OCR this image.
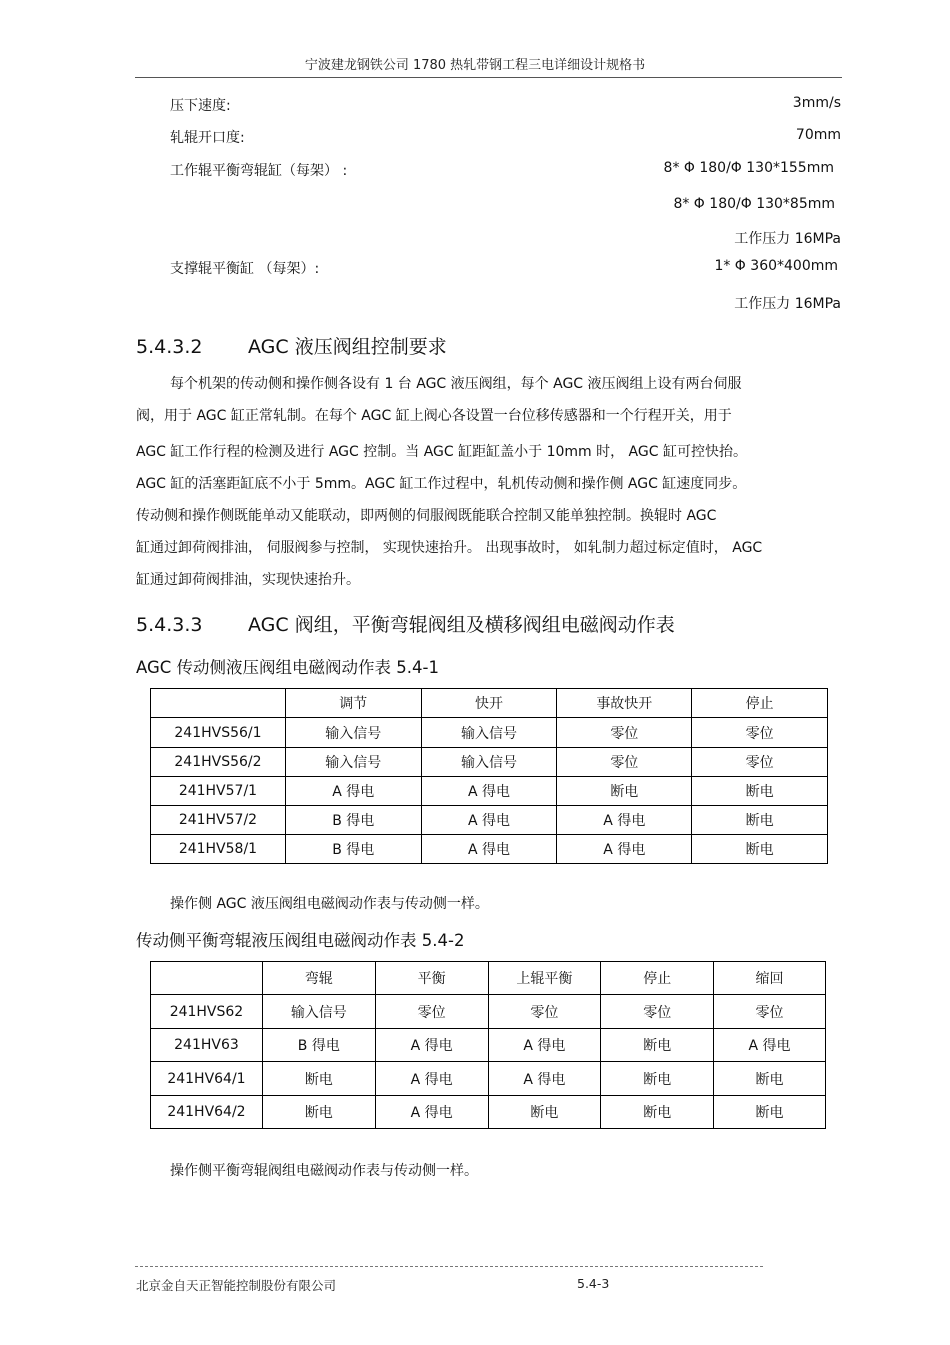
宁波建龙钢铁公司 1780 热轧带钢工程三电详细设计规格书
压下速度:	3mm/s
轧辊开口度:	70mm
工作辊平衡弯辊缸（每架） :	8* Φ 180/Φ 130*155mm
8* Φ 180/Φ 130*85mm
工作压力 16MPa
支撑辊平衡缸 （每架）:	1* Φ 360*400mm
工作压力 16MPa
5.4.3.2 AGC 液压阀组控制要求
每个机架的传动侧和操作侧各设有 1 台 AGC 液压阀组，每个 AGC 液压阀组上设有两台伺服
阀，用于 AGC 缸正常轧制。在每个 AGC 缸上阀心各设置一台位移传感器和一个行程开关，用于
AGC 缸工作行程的检测及进行 AGC 控制。当 AGC 缸距缸盖小于 10mm 时， AGC 缸可控快抬。
AGC 缸的活塞距缸底不小于 5mm。AGC 缸工作过程中，轧机传动侧和操作侧 AGC 缸速度同步。
传动侧和操作侧既能单动又能联动，即两侧的伺服阀既能联合控制又能单独控制。换辊时 AGC
缸通过卸荷阀排油， 伺服阀参与控制， 实现快速抬升。 出现事故时， 如轧制力超过标定值时， AGC
缸通过卸荷阀排油，实现快速抬升。
5.4.3.3 AGC 阀组，平衡弯辊阀组及横移阀组电磁阀动作表
AGC 传动侧液压阀组电磁阀动作表 5.4-1
	调节	快开	事故快开	停止
241HVS56/1	输入信号	输入信号	零位	零位
241HVS56/2	输入信号	输入信号	零位	零位
241HV57/1	A 得电	A 得电	断电	断电
241HV57/2	B 得电	A 得电	A 得电	断电
241HV58/1	B 得电	A 得电	A 得电	断电
操作侧 AGC 液压阀组电磁阀动作表与传动侧一样。
传动侧平衡弯辊液压阀组电磁阀动作表 5.4-2
	弯辊	平衡	上辊平衡	停止	缩回
241HVS62	输入信号	零位	零位	零位	零位
241HV63	B 得电	A 得电	A 得电	断电	A 得电
241HV64/1	断电	A 得电	A 得电	断电	断电
241HV64/2	断电	A 得电	断电	断电	断电
操作侧平衡弯辊阀组电磁阀动作表与传动侧一样。
北京金自天正智能控制股份有限公司	5.4-3
